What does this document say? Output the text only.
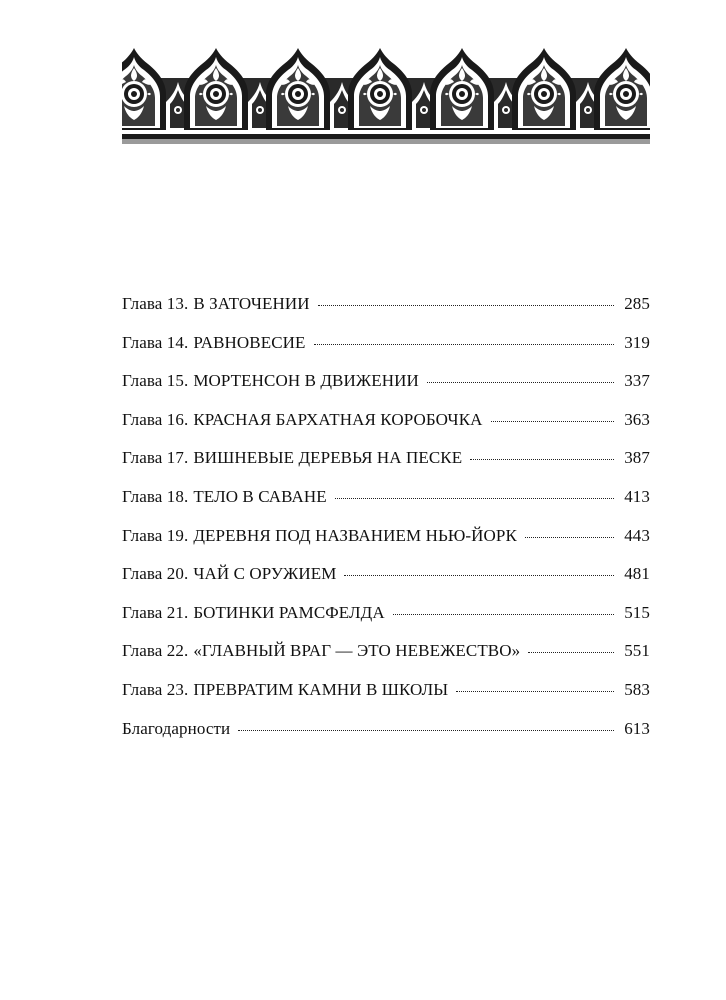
Глава 13. В ЗАТОЧЕНИИ	285
Глава 14. РАВНОВЕСИЕ	319
Глава 15. МОРТЕНСОН В ДВИЖЕНИИ	337
Глава 16. КРАСНАЯ БАРХАТНАЯ КОРОБОЧКА	363
Глава 17. ВИШНЕВЫЕ ДЕРЕВЬЯ НА ПЕСКЕ	387
Глава 18. ТЕЛО В САВАНЕ	413
Глава 19. ДЕРЕВНЯ ПОД НАЗВАНИЕМ НЬЮ-ЙОРК	443
Глава 20. ЧАЙ С ОРУЖИЕМ	481
Глава 21. БОТИНКИ РАМСФЕЛДА	515
Глава 22. «ГЛАВНЫЙ ВРАГ — ЭТО НЕВЕЖЕСТВО»	551
Глава 23. ПРЕВРАТИМ КАМНИ В ШКОЛЫ	583
Благодарности	613
